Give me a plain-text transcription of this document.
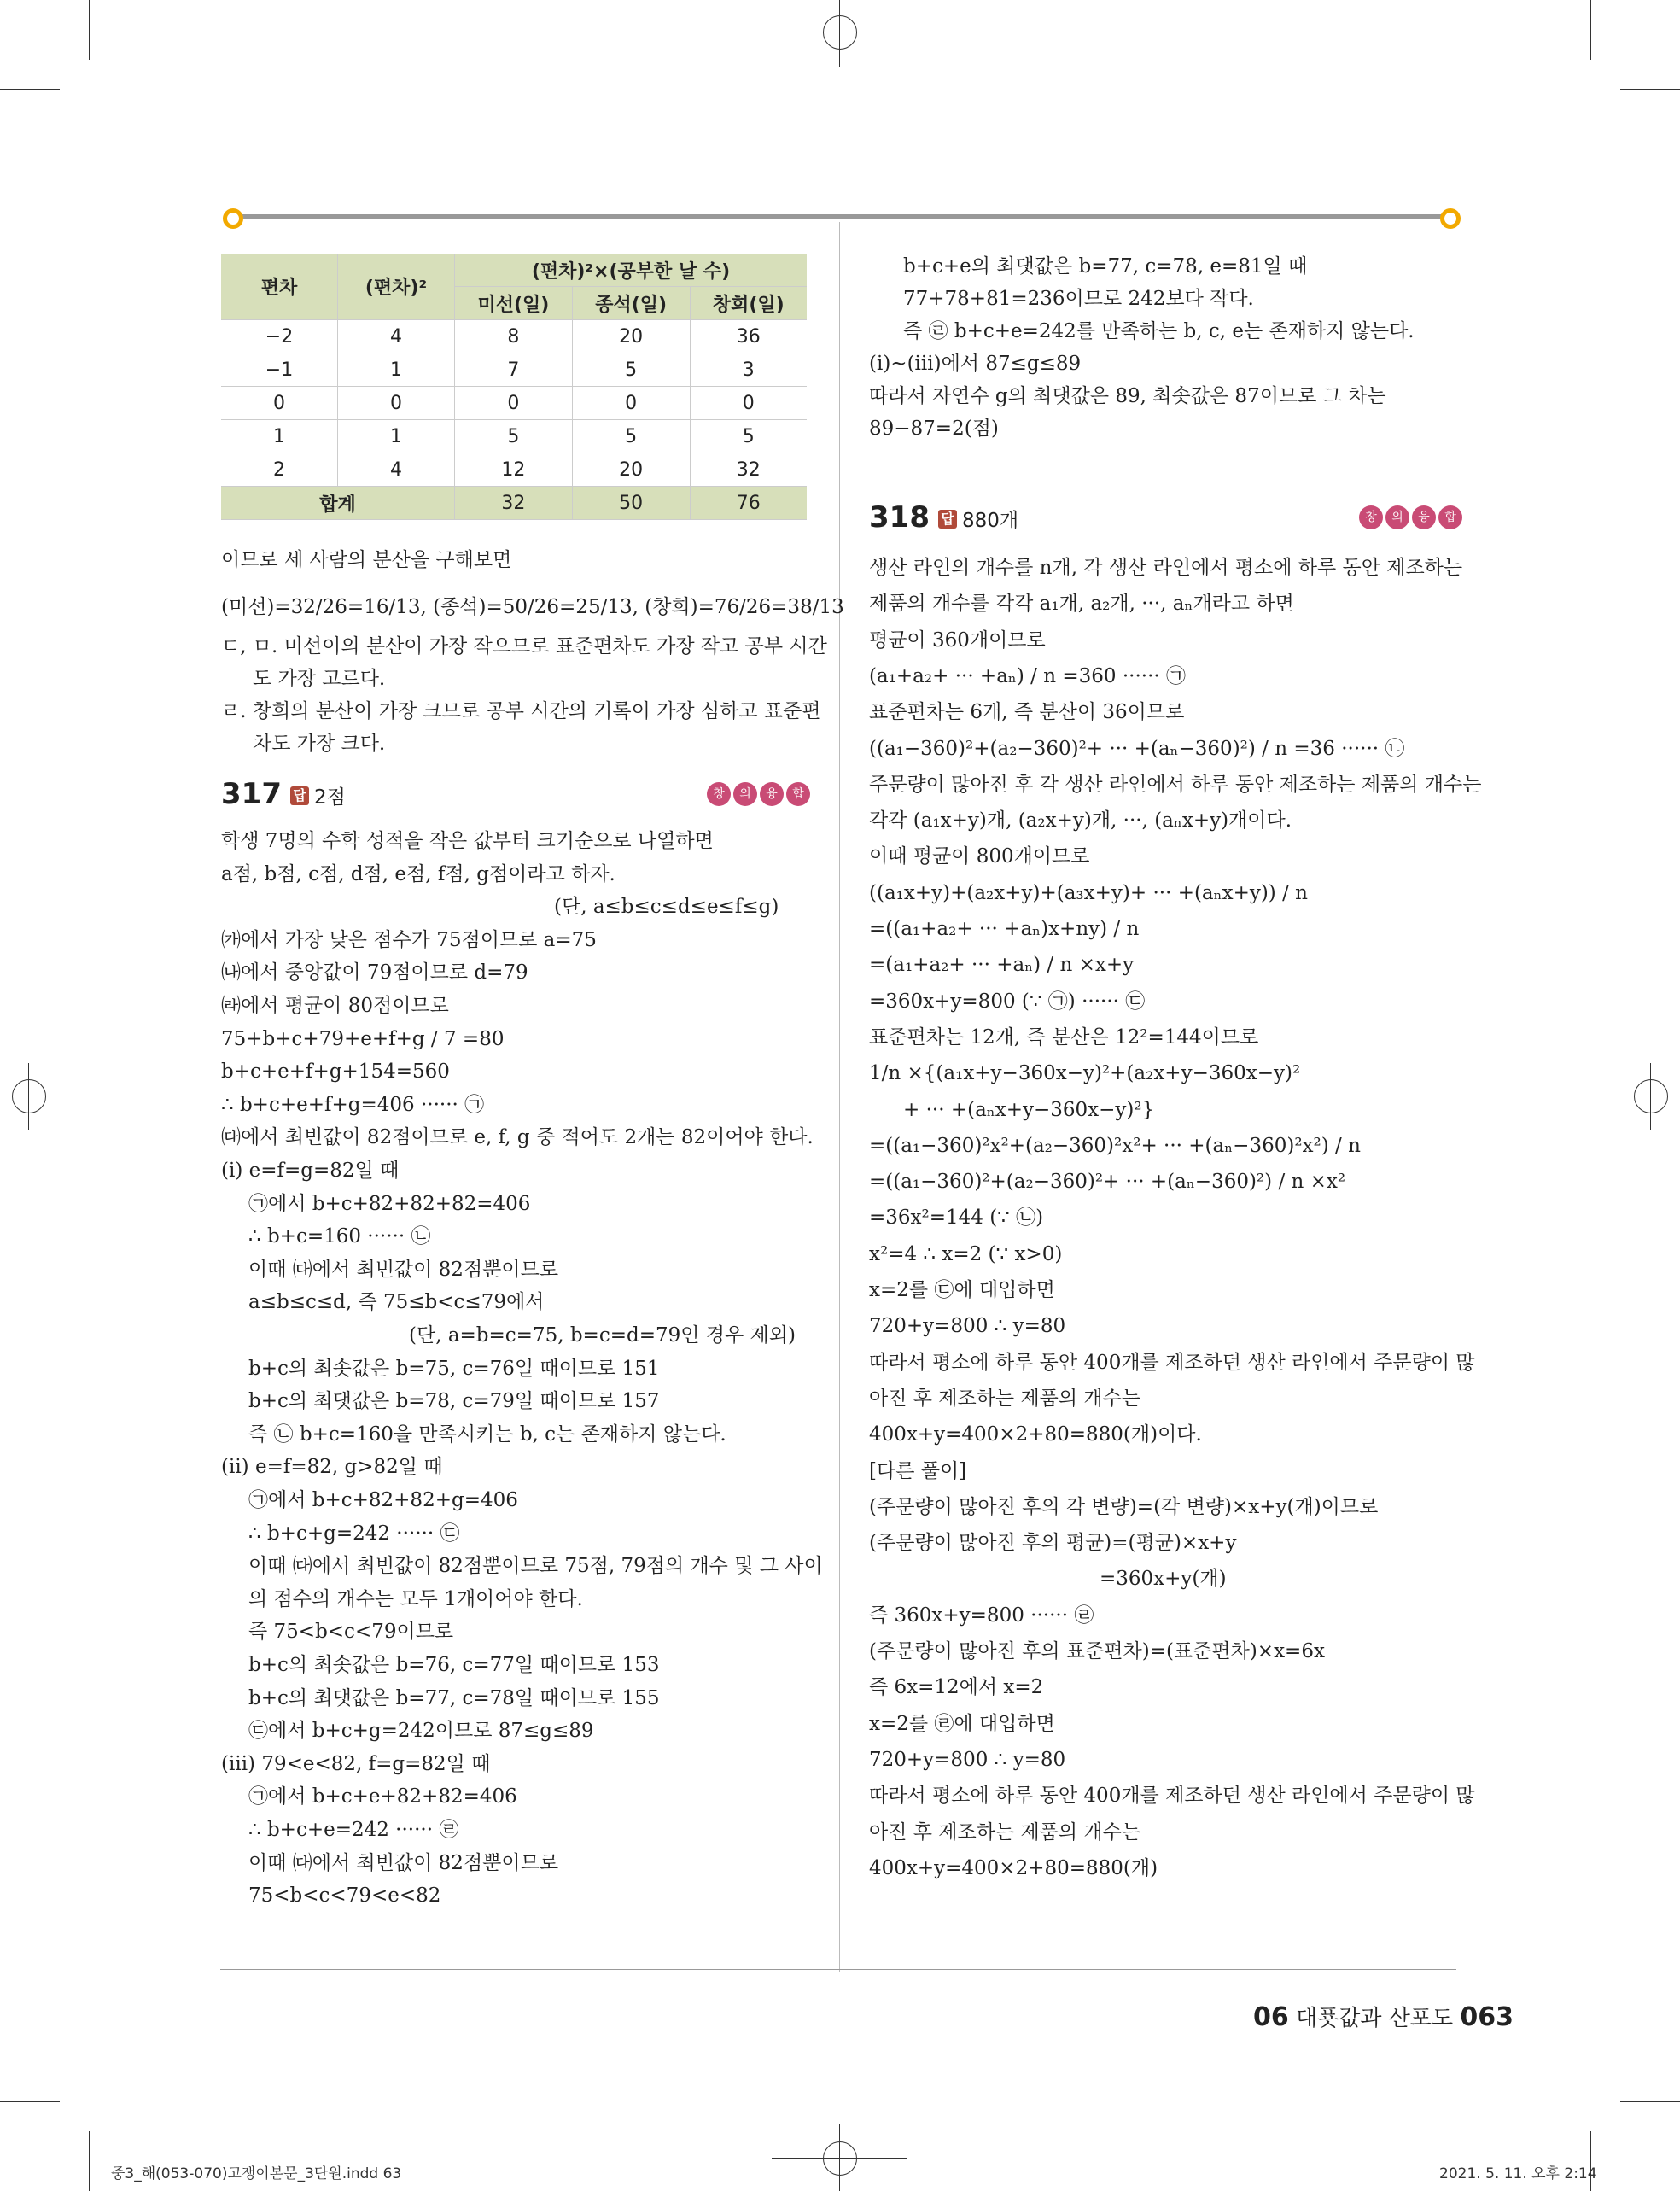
편차	(편차)²	(편차)²×(공부한 날 수)		
		미선(일)	종석(일)	창희(일)
−2	4	8	20	36
−1	1	7	5	3
0	0	0	0	0
1	1	5	5	5
2	4	12	20	32
합계		32	50	76
이므로 세 사람의 분산을 구해보면
(미선)=32/26=16/13, (종석)=50/26=25/13, (창희)=76/26=38/13
ㄷ, ㅁ. 미선이의 분산이 가장 작으므로 표준편차도 가장 작고 공부 시간
도 가장 고르다.
ㄹ. 창희의 분산이 가장 크므로 공부 시간의 기록이 가장 심하고 표준편
차도 가장 크다.
317 답 2점	창	의	융	합
학생 7명의 수학 성적을 작은 값부터 크기순으로 나열하면
a점, b점, c점, d점, e점, f점, g점이라고 하자.
(단, a≤b≤c≤d≤e≤f≤g)
㈎에서 가장 낮은 점수가 75점이므로 a=75
㈏에서 중앙값이 79점이므로 d=79
㈑에서 평균이 80점이므로
75+b+c+79+e+f+g / 7 =80
b+c+e+f+g+154=560
∴ b+c+e+f+g=406 ······ ㉠
㈐에서 최빈값이 82점이므로 e, f, g 중 적어도 2개는 82이어야 한다.
(ⅰ) e=f=g=82일 때
㉠에서 b+c+82+82+82=406
∴ b+c=160 ······ ㉡
이때 ㈐에서 최빈값이 82점뿐이므로
a≤b≤c≤d, 즉 75≤b<c≤79에서
(단, a=b=c=75, b=c=d=79인 경우 제외)
b+c의 최솟값은 b=75, c=76일 때이므로 151
b+c의 최댓값은 b=78, c=79일 때이므로 157
즉 ㉡ b+c=160을 만족시키는 b, c는 존재하지 않는다.
(ⅱ) e=f=82, g>82일 때
㉠에서 b+c+82+82+g=406
∴ b+c+g=242 ······ ㉢
이때 ㈐에서 최빈값이 82점뿐이므로 75점, 79점의 개수 및 그 사이
의 점수의 개수는 모두 1개이어야 한다.
즉 75<b<c<79이므로
b+c의 최솟값은 b=76, c=77일 때이므로 153
b+c의 최댓값은 b=77, c=78일 때이므로 155
㉢에서 b+c+g=242이므로 87≤g≤89
(ⅲ) 79<e<82, f=g=82일 때
㉠에서 b+c+e+82+82=406
∴ b+c+e=242 ······ ㉣
이때 ㈐에서 최빈값이 82점뿐이므로
75<b<c<79<e<82
b+c+e의 최댓값은 b=77, c=78, e=81일 때
77+78+81=236이므로 242보다 작다.
즉 ㉣ b+c+e=242를 만족하는 b, c, e는 존재하지 않는다.
(ⅰ)~(ⅲ)에서 87≤g≤89
따라서 자연수 g의 최댓값은 89, 최솟값은 87이므로 그 차는
89−87=2(점)
318 답 880개	창	의	융	합
생산 라인의 개수를 n개, 각 생산 라인에서 평소에 하루 동안 제조하는
제품의 개수를 각각 a₁개, a₂개, ···, aₙ개라고 하면
평균이 360개이므로
(a₁+a₂+ ··· +aₙ) / n =360 ······ ㉠
표준편차는 6개, 즉 분산이 36이므로
((a₁−360)²+(a₂−360)²+ ··· +(aₙ−360)²) / n =36 ······ ㉡
주문량이 많아진 후 각 생산 라인에서 하루 동안 제조하는 제품의 개수는
각각 (a₁x+y)개, (a₂x+y)개, ···, (aₙx+y)개이다.
이때 평균이 800개이므로
((a₁x+y)+(a₂x+y)+(a₃x+y)+ ··· +(aₙx+y)) / n
=((a₁+a₂+ ··· +aₙ)x+ny) / n
=(a₁+a₂+ ··· +aₙ) / n ×x+y
=360x+y=800 (∵ ㉠) ······ ㉢
표준편차는 12개, 즉 분산은 12²=144이므로
1/n ×{(a₁x+y−360x−y)²+(a₂x+y−360x−y)²
+ ··· +(aₙx+y−360x−y)²}
=((a₁−360)²x²+(a₂−360)²x²+ ··· +(aₙ−360)²x²) / n
=((a₁−360)²+(a₂−360)²+ ··· +(aₙ−360)²) / n ×x²
=36x²=144 (∵ ㉡)
x²=4 ∴ x=2 (∵ x>0)
x=2를 ㉢에 대입하면
720+y=800 ∴ y=80
따라서 평소에 하루 동안 400개를 제조하던 생산 라인에서 주문량이 많
아진 후 제조하는 제품의 개수는
400x+y=400×2+80=880(개)이다.
[다른 풀이]
(주문량이 많아진 후의 각 변량)=(각 변량)×x+y(개)이므로
(주문량이 많아진 후의 평균)=(평균)×x+y
=360x+y(개)
즉 360x+y=800 ······ ㉣
(주문량이 많아진 후의 표준편차)=(표준편차)×x=6x
즉 6x=12에서 x=2
x=2를 ㉣에 대입하면
720+y=800 ∴ y=80
따라서 평소에 하루 동안 400개를 제조하던 생산 라인에서 주문량이 많
아진 후 제조하는 제품의 개수는
400x+y=400×2+80=880(개)
06 대푯값과 산포도 063
중3_해(053-070)고쟁이본문_3단원.indd 63	2021. 5. 11. 오후 2:14
